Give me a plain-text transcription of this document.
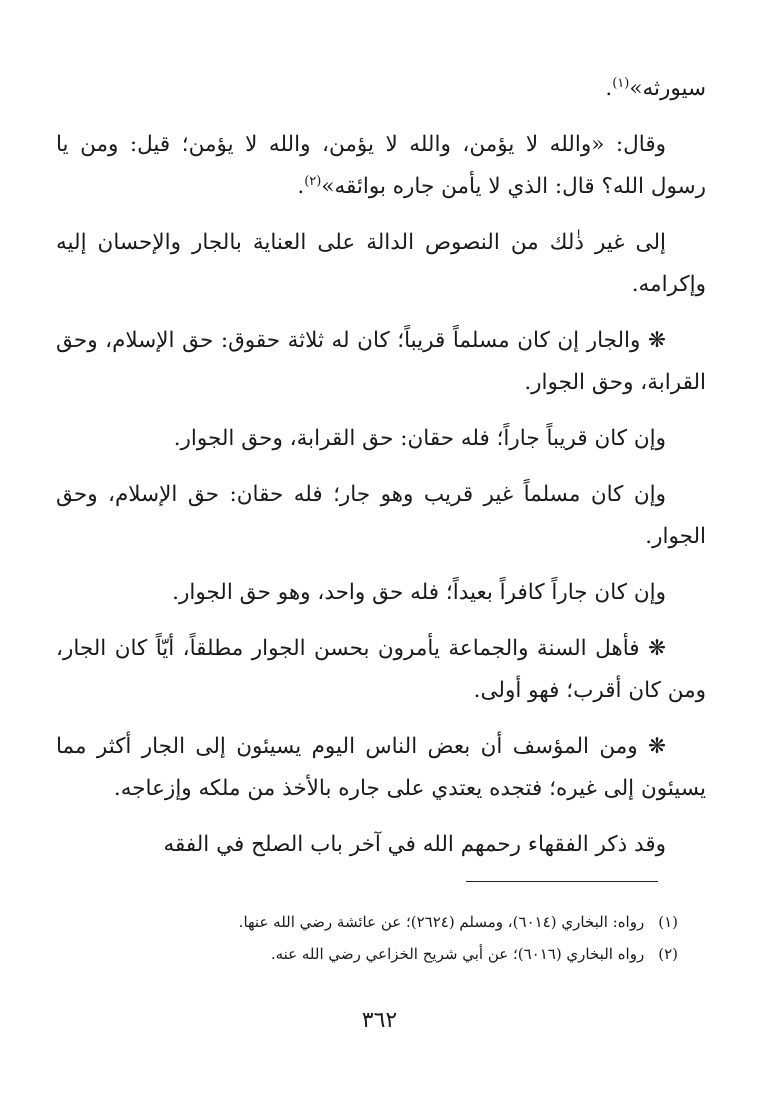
سيورثه»$^{(١)}$.

وقال: «والله لا يؤمن، والله لا يؤمن، والله لا يؤمن؛ قيل: ومن يا رسول الله؟ قال: الذي لا يأمن جاره بوائقه»$^{(٢)}$.

إلى غير ذٰلك من النصوص الدالة على العناية بالجار والإحسان إليه وإكرامه.

❋ والجار إن كان مسلماً قريباً؛ كان له ثلاثة حقوق: حق الإسلام، وحق القرابة، وحق الجوار.

وإن كان قريباً جاراً؛ فله حقان: حق القرابة، وحق الجوار.

وإن كان مسلماً غير قريب وهو جار؛ فله حقان: حق الإسلام، وحق الجوار.

وإن كان جاراً كافراً بعيداً؛ فله حق واحد، وهو حق الجوار.

❋ فأهل السنة والجماعة يأمرون بحسن الجوار مطلقاً، أيّاً كان الجار، ومن كان أقرب؛ فهو أولى.

❋ ومن المؤسف أن بعض الناس اليوم يسيئون إلى الجار أكثر مما يسيئون إلى غيره؛ فتجده يعتدي على جاره بالأخذ من ملكه وإزعاجه.

وقد ذكر الفقهاء رحمهم الله في آخر باب الصلح في الفقه

(١)رواه: البخاري (٦٠١٤)، ومسلم (٢٦٢٤)؛ عن عائشة رضي الله عنها.

(٢)رواه البخاري (٦٠١٦)؛ عن أبي شريح الخزاعي رضي الله عنه.

٣٦٢
